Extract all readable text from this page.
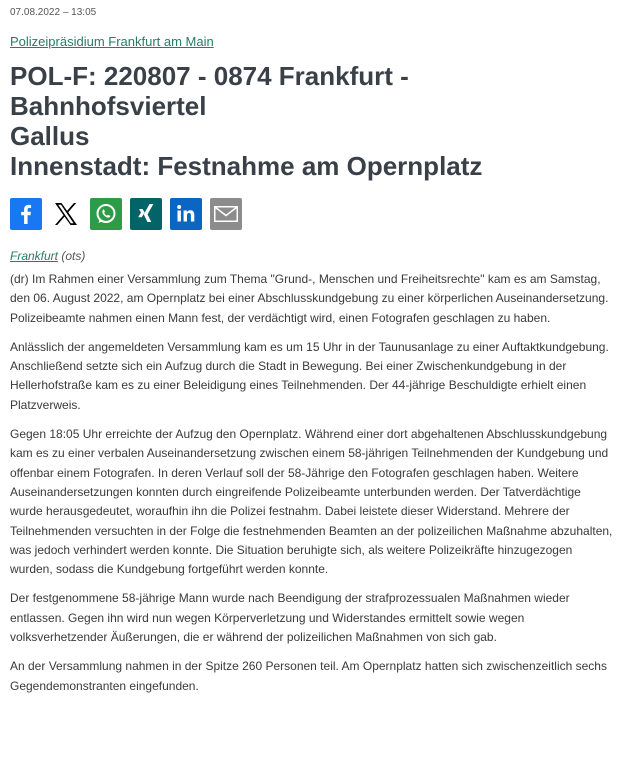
07.08.2022 – 13:05
Polizeipräsidium Frankfurt am Main
POL-F: 220807 - 0874 Frankfurt -
Bahnhofsviertel
Gallus
Innenstadt: Festnahme am Opernplatz
Frankfurt (ots)

(dr) Im Rahmen einer Versammlung zum Thema "Grund-, Menschen und Freiheitsrechte" kam es am Samstag, den 06. August 2022, am Opernplatz bei einer Abschlusskundgebung zu einer körperlichen Auseinandersetzung. Polizeibeamte nahmen einen Mann fest, der verdächtigt wird, einen Fotografen geschlagen zu haben.

Anlässlich der angemeldeten Versammlung kam es um 15 Uhr in der Taunusanlage zu einer Auftaktkundgebung. Anschließend setzte sich ein Aufzug durch die Stadt in Bewegung. Bei einer Zwischenkundgebung in der Hellerhofstraße kam es zu einer Beleidigung eines Teilnehmenden. Der 44-jährige Beschuldigte erhielt einen Platzverweis.

Gegen 18:05 Uhr erreichte der Aufzug den Opernplatz. Während einer dort abgehaltenen Abschlusskundgebung kam es zu einer verbalen Auseinandersetzung zwischen einem 58-jährigen Teilnehmenden der Kundgebung und offenbar einem Fotografen. In deren Verlauf soll der 58-Jährige den Fotografen geschlagen haben. Weitere Auseinandersetzungen konnten durch eingreifende Polizeibeamte unterbunden werden. Der Tatverdächtige wurde herausgedeutet, woraufhin ihn die Polizei festnahm. Dabei leistete dieser Widerstand. Mehrere der Teilnehmenden versuchten in der Folge die festnehmenden Beamten an der polizeilichen Maßnahme abzuhalten, was jedoch verhindert werden konnte. Die Situation beruhigte sich, als weitere Polizeikräfte hinzugezogen wurden, sodass die Kundgebung fortgeführt werden konnte.

Der festgenommene 58-jährige Mann wurde nach Beendigung der strafprozessualen Maßnahmen wieder entlassen. Gegen ihn wird nun wegen Körperverletzung und Widerstandes ermittelt sowie wegen volksverhetzender Äußerungen, die er während der polizeilichen Maßnahmen von sich gab.

An der Versammlung nahmen in der Spitze 260 Personen teil. Am Opernplatz hatten sich zwischenzeitlich sechs Gegendemonstranten eingefunden.
